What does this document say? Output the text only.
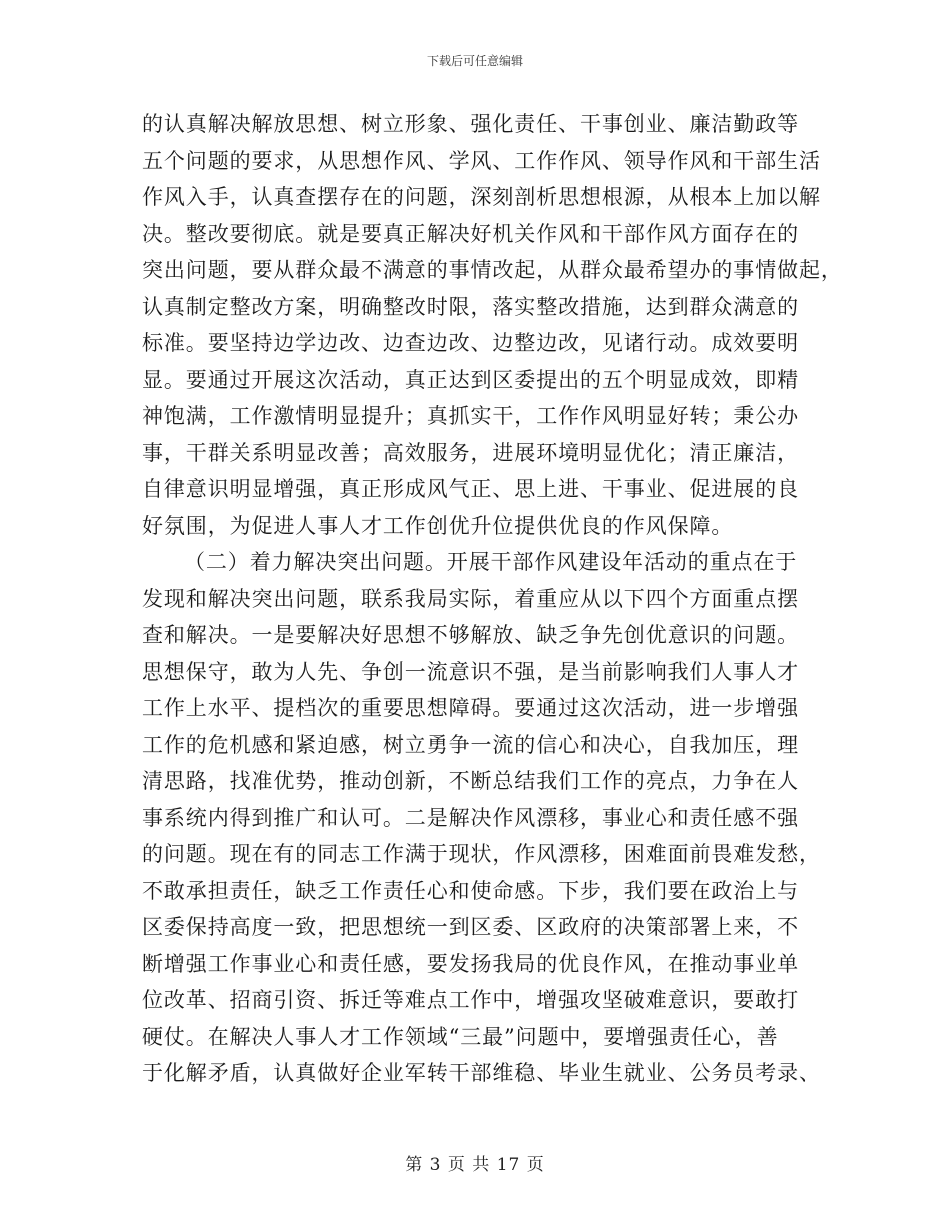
下载后可任意编辑
的认真解决解放思想、树立形象、强化责任、干事创业、廉洁勤政等
五个问题的要求，从思想作风、学风、工作作风、领导作风和干部生活
作风入手，认真查摆存在的问题，深刻剖析思想根源，从根本上加以解
决。整改要彻底。就是要真正解决好机关作风和干部作风方面存在的
突出问题，要从群众最不满意的事情改起，从群众最希望办的事情做起，
认真制定整改方案，明确整改时限，落实整改措施，达到群众满意的
标准。要坚持边学边改、边查边改、边整边改，见诸行动。成效要明
显。要通过开展这次活动，真正达到区委提出的五个明显成效，即精
神饱满，工作激情明显提升；真抓实干，工作作风明显好转；秉公办
事，干群关系明显改善；高效服务，进展环境明显优化；清正廉洁，
自律意识明显增强，真正形成风气正、思上进、干事业、促进展的良
好氛围，为促进人事人才工作创优升位提供优良的作风保障。
（二）着力解决突出问题。开展干部作风建设年活动的重点在于
发现和解决突出问题，联系我局实际，着重应从以下四个方面重点摆
查和解决。一是要解决好思想不够解放、缺乏争先创优意识的问题。
思想保守，敢为人先、争创一流意识不强，是当前影响我们人事人才
工作上水平、提档次的重要思想障碍。要通过这次活动，进一步增强
工作的危机感和紧迫感，树立勇争一流的信心和决心，自我加压，理
清思路，找准优势，推动创新，不断总结我们工作的亮点，力争在人
事系统内得到推广和认可。二是解决作风漂移，事业心和责任感不强
的问题。现在有的同志工作满于现状，作风漂移，困难面前畏难发愁，
不敢承担责任，缺乏工作责任心和使命感。下步，我们要在政治上与
区委保持高度一致，把思想统一到区委、区政府的决策部署上来，不
断增强工作事业心和责任感，要发扬我局的优良作风，在推动事业单
位改革、招商引资、拆迁等难点工作中，增强攻坚破难意识，要敢打
硬仗。在解决人事人才工作领域“三最”问题中，要增强责任心，善
于化解矛盾，认真做好企业军转干部维稳、毕业生就业、公务员考录、
第 3 页 共 17 页
